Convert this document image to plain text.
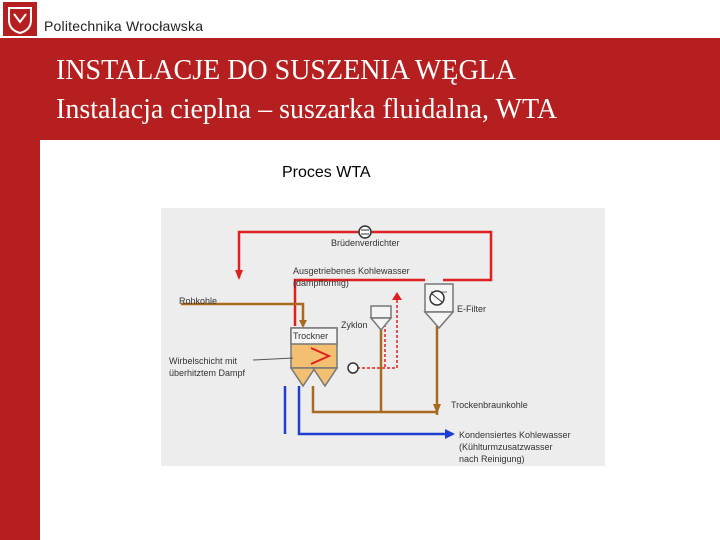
Politechnika Wrocławska
INSTALACJE DO SUSZENIA WĘGLA
Instalacja cieplna – suszarka fluidalna, WTA
Proces WTA
Brüdenverdichter
Ausgetriebenes Kohlewasser
(dampfförmig)
Rohkohle
E-Filter
Zyklon
Trockner
Wirbelschicht mit
überhitztem Dampf
Trockenbraunkohle
Kondensiertes Kohlewasser
(Kühlturmzusatzwasser
nach Reinigung)
